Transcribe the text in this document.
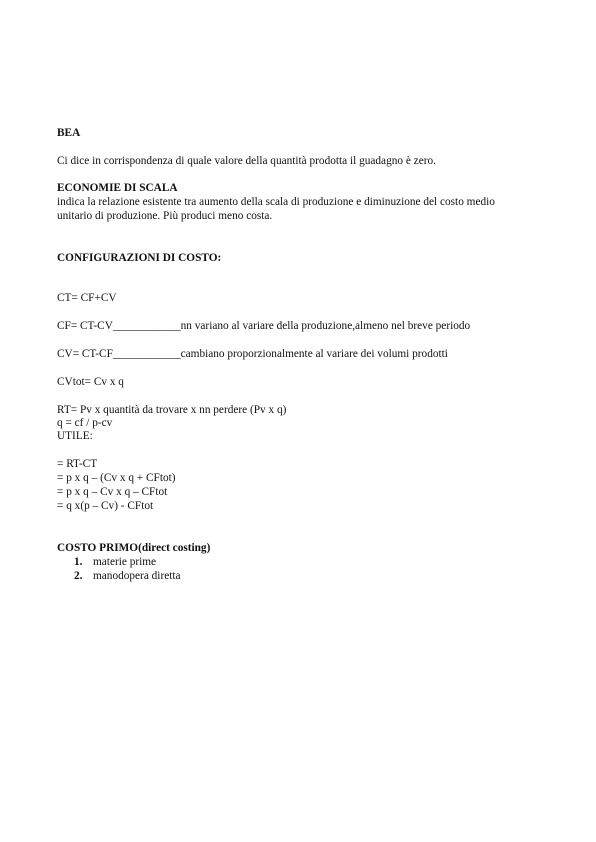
BEA
Ci dice in corrispondenza di quale valore della quantità prodotta il guadagno è zero.
ECONOMIE DI SCALA
indica la relazione esistente tra aumento della scala di produzione e diminuzione del costo medio
unitario di produzione. Più produci meno costa.
CONFIGURAZIONI DI COSTO:
CT= CF+CV
CF= CT-CV____________nn variano al variare della produzione,almeno nel breve periodo
CV= CT-CF____________cambiano proporzionalmente al variare dei volumi prodotti
CVtot= Cv x q
RT= Pv x quantità da trovare x nn perdere (Pv x q)
q = cf / p-cv
UTILE:
= RT-CT
= p x q – (Cv x q + CFtot)
= p x q – Cv x q – CFtot
= q x(p – Cv) - CFtot
COSTO PRIMO(direct costing)
1. materie prime
2. manodopera diretta
